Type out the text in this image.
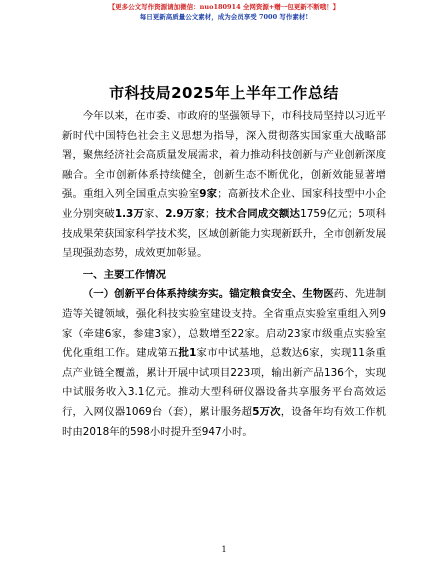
【更多公文写作资源请加微信：nuo180914 全网资源+赠一包更新不断哦！】
每日更新高质量公文素材，成为会员享受 7000 写作素材!
市科技局2025年上半年工作总结

今年以来，在市委、市政府的坚强领导下，市科技局坚持以习近平新时代中国特色社会主义思想为指导，深入贯彻落实国家重大战略部署，聚焦经济社会高质量发展需求，着力推动科技创新与产业创新深度融合。全市创新体系持续健全，创新生态不断优化，创新效能显著增强。重组入列全国重点实验室9家；高新技术企业、国家科技型中小企业分别突破1.3万家、2.9万家；技术合同成交额达1759亿元；5项科技成果荣获国家科学技术奖，区域创新能力实现新跃升，全市创新发展呈现强劲态势，成效更加彰显。

一、主要工作情况

（一）创新平台体系持续夯实。锚定粮食安全、生物医药、先进制造等关键领域，强化科技实验室建设支持。全省重点实验室重组入列9家（牵建6家，参建3家），总数增至22家。启动23家市级重点实验室优化重组工作。建成第五批1家市中试基地，总数达6家，实现11条重点产业链全覆盖，累计开展中试项目223项，输出新产品136个，实现中试服务收入3.1亿元。推动大型科研仪器设备共享服务平台高效运行，入网仪器1069台（套），累计服务超5万次，设备年均有效工作机时由2018年的598小时提升至947小时。

1
